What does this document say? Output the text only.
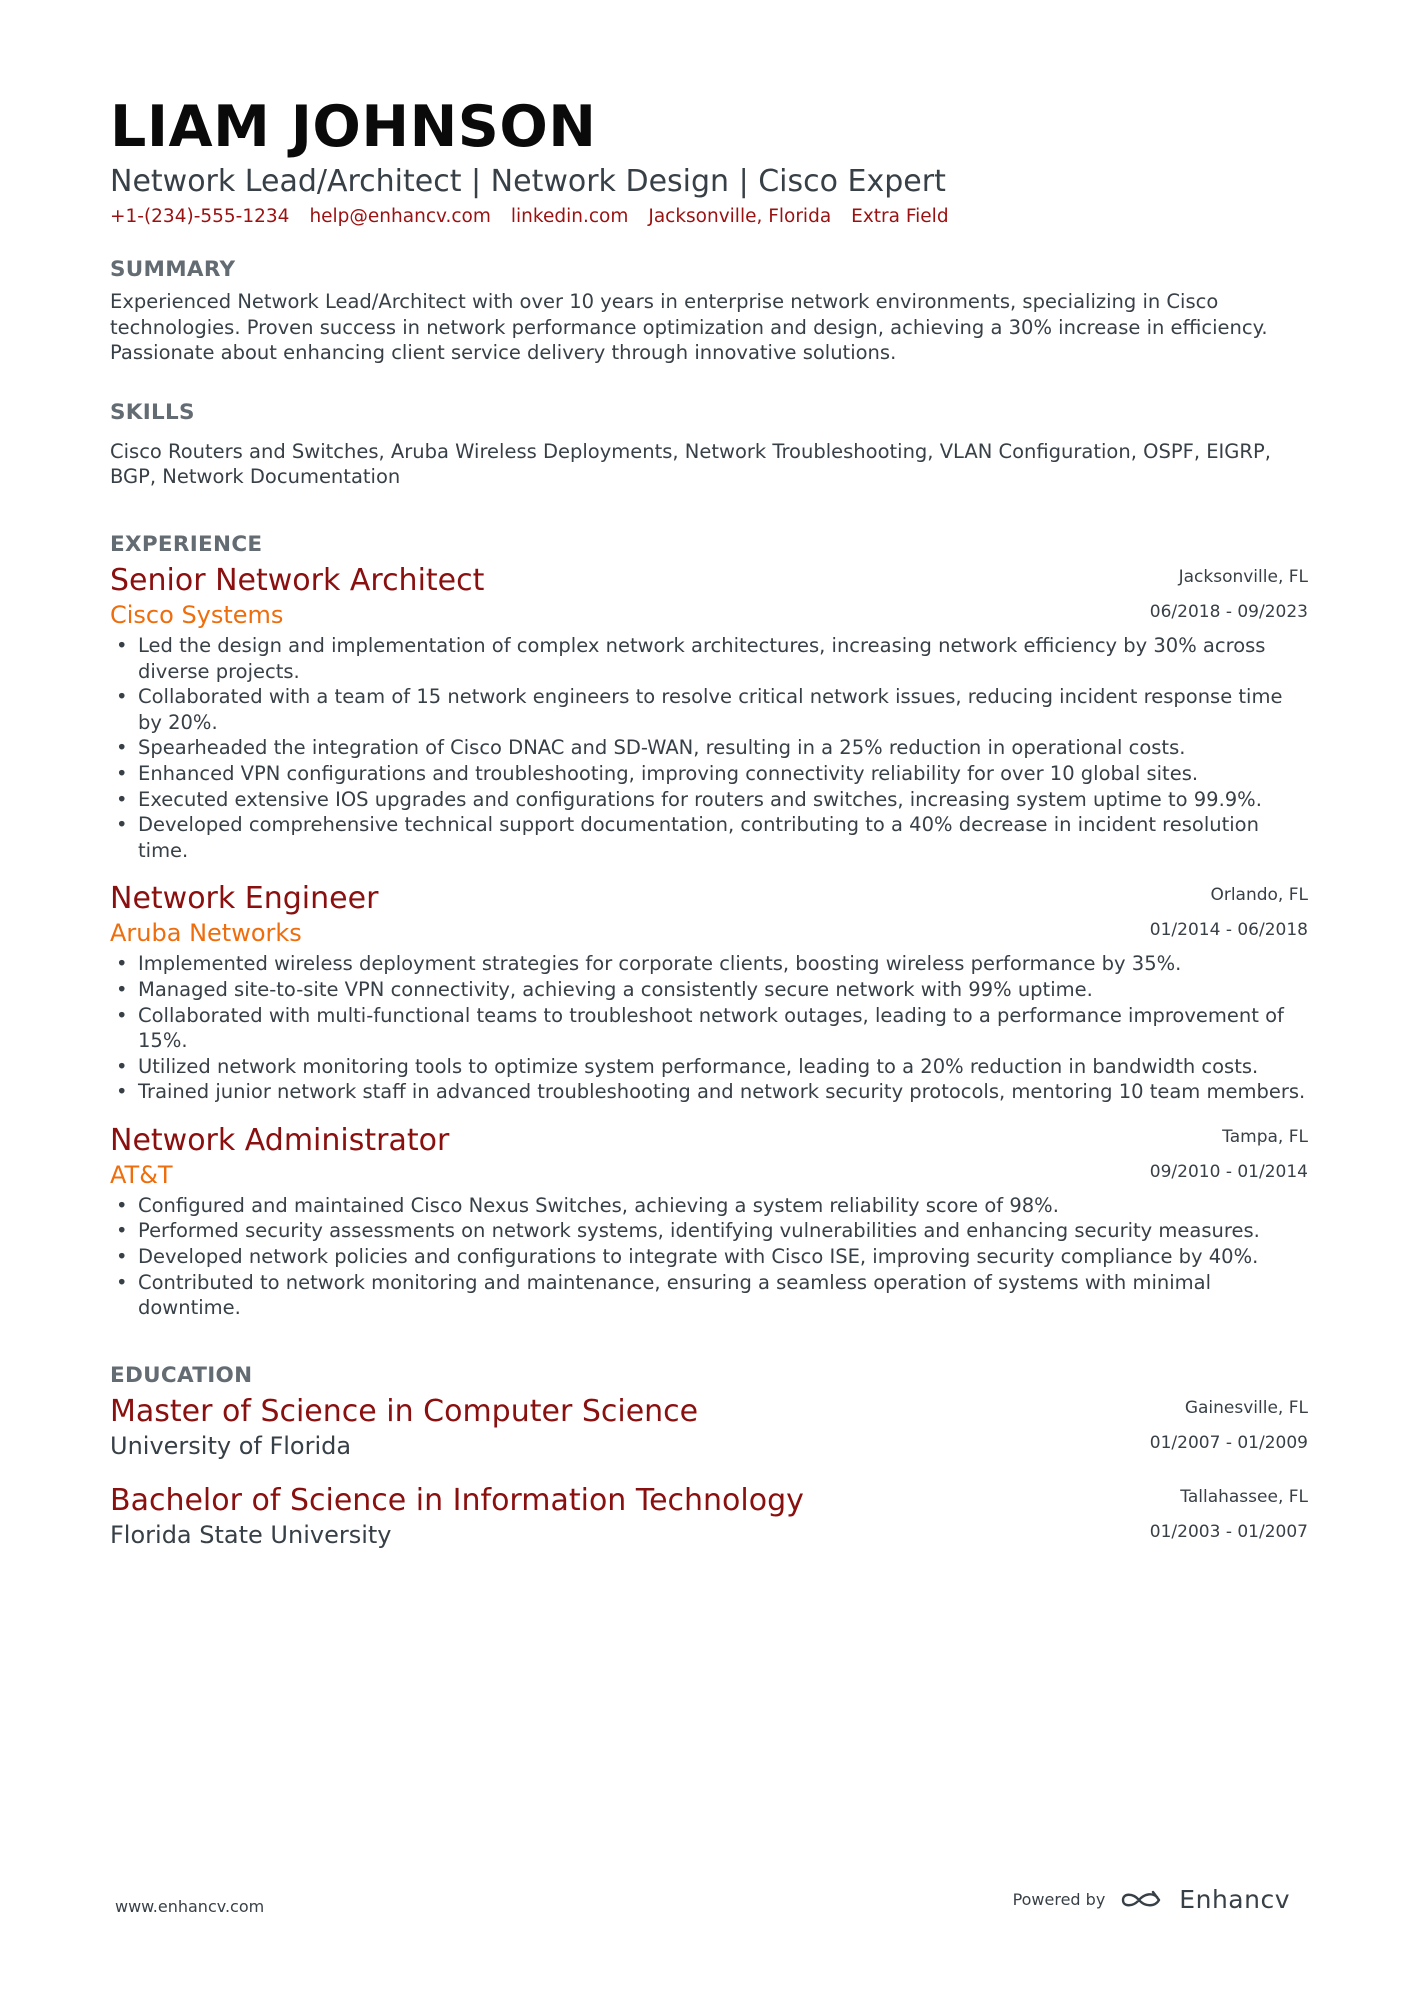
LIAM JOHNSON
Network Lead/Architect | Network Design | Cisco Expert
+1-(234)-555-1234 help@enhancv.com linkedin.com Jacksonville, Florida Extra Field
SUMMARY
Experienced Network Lead/Architect with over 10 years in enterprise network environments, specializing in Cisco technologies. Proven success in network performance optimization and design, achieving a 30% increase in efficiency. Passionate about enhancing client service delivery through innovative solutions.
SKILLS
Cisco Routers and Switches, Aruba Wireless Deployments, Network Troubleshooting, VLAN Configuration, OSPF, EIGRP, BGP, Network Documentation
EXPERIENCE
Jacksonville, FL
06/2018 - 09/2023
Senior Network Architect
Cisco Systems
• Led the design and implementation of complex network architectures, increasing network efficiency by 30% across diverse projects.
• Collaborated with a team of 15 network engineers to resolve critical network issues, reducing incident response time by 20%.
• Spearheaded the integration of Cisco DNAC and SD-WAN, resulting in a 25% reduction in operational costs.
• Enhanced VPN configurations and troubleshooting, improving connectivity reliability for over 10 global sites.
• Executed extensive IOS upgrades and configurations for routers and switches, increasing system uptime to 99.9%.
• Developed comprehensive technical support documentation, contributing to a 40% decrease in incident resolution time.
Orlando, FL
01/2014 - 06/2018
Network Engineer
Aruba Networks
• Implemented wireless deployment strategies for corporate clients, boosting wireless performance by 35%.
• Managed site-to-site VPN connectivity, achieving a consistently secure network with 99% uptime.
• Collaborated with multi-functional teams to troubleshoot network outages, leading to a performance improvement of 15%.
• Utilized network monitoring tools to optimize system performance, leading to a 20% reduction in bandwidth costs.
• Trained junior network staff in advanced troubleshooting and network security protocols, mentoring 10 team members.
Tampa, FL
09/2010 - 01/2014
Network Administrator
AT&T
• Configured and maintained Cisco Nexus Switches, achieving a system reliability score of 98%.
• Performed security assessments on network systems, identifying vulnerabilities and enhancing security measures.
• Developed network policies and configurations to integrate with Cisco ISE, improving security compliance by 40%.
• Contributed to network monitoring and maintenance, ensuring a seamless operation of systems with minimal downtime.
EDUCATION
Gainesville, FL
01/2007 - 01/2009
Master of Science in Computer Science
University of Florida
Tallahassee, FL
01/2003 - 01/2007
Bachelor of Science in Information Technology
Florida State University
www.enhancv.com	Powered by	Enhancv
